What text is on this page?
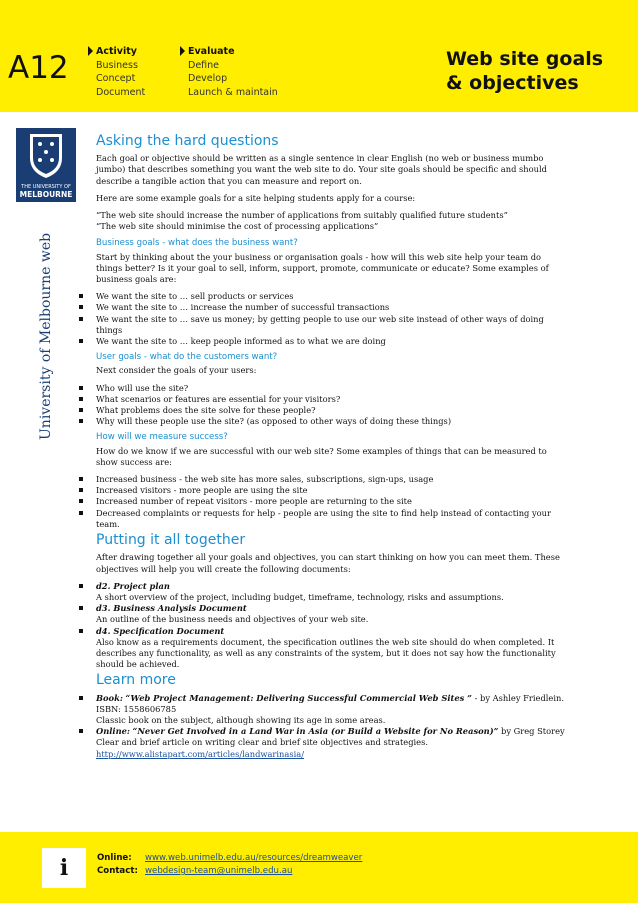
A12	Activity
Business
Concept
Document
Evaluate
Define
Develop
Launch & maintain
Web site goals
& objectives
THE UNIVERSITY OF
MELBOURNE
University of Melbourne web
Asking the hard questions

Each goal or objective should be written as a single sentence in clear English (no web or business mumbo jumbo) that describes something you want the web site to do. Your site goals should be specific and should describe a tangible action that you can measure and report on.

Here are some example goals for a site helping students apply for a course:

“The web site should increase the number of applications from suitably qualified future students”
“The web site should minimise the cost of processing applications”

Business goals - what does the business want?

Start by thinking about the your business or organisation goals - how will this web site help your team do things better? Is it your goal to sell, inform, support, promote, communicate or educate? Some examples of business goals are:

We want the site to … sell products or services
We want the site to … increase the number of successful transactions
We want the site to … save us money; by getting people to use our web site instead of other ways of doing things
We want the site to … keep people informed as to what we are doing
User goals - what do the customers want?

Next consider the goals of your users:

Who will use the site?
What scenarios or features are essential for your visitors?
What problems does the site solve for these people?
Why will these people use the site? (as opposed to other ways of doing these things)
How will we measure success?

How do we know if we are successful with our web site? Some examples of things that can be measured to show success are:

Increased business - the web site has more sales, subscriptions, sign-ups, usage
Increased visitors - more people are using the site
Increased number of repeat visitors - more people are returning to the site
Decreased complaints or requests for help - people are using the site to find help instead of contacting your team.
Putting it all together

After drawing together all your goals and objectives, you can start thinking on how you can meet them. These objectives will help you will create the following documents:

d2. Project plan
A short overview of the project, including budget, timeframe, technology, risks and assumptions.
d3. Business Analysis Document
An outline of the business needs and objectives of your web site.
d4. Specification Document
Also know as a requirements document, the specification outlines the web site should do when completed. It describes any functionality, as well as any constraints of the system, but it does not say how the functionality should be achieved.
Learn more
Book: “Web Project Management: Delivering Successful Commercial Web Sites ” - by Ashley Friedlein.
ISBN: 1558606785
Classic book on the subject, although showing its age in some areas.
Online: “Never Get Involved in a Land War in Asia (or Build a Website for No Reason)” by Greg Storey
Clear and brief article on writing clear and brief site objectives and strategies.
http://www.alistapart.com/articles/landwarinasia/
i	Online: www.web.unimelb.edu.au/resources/dreamweaver
Contact: webdesign-team@unimelb.edu.au
